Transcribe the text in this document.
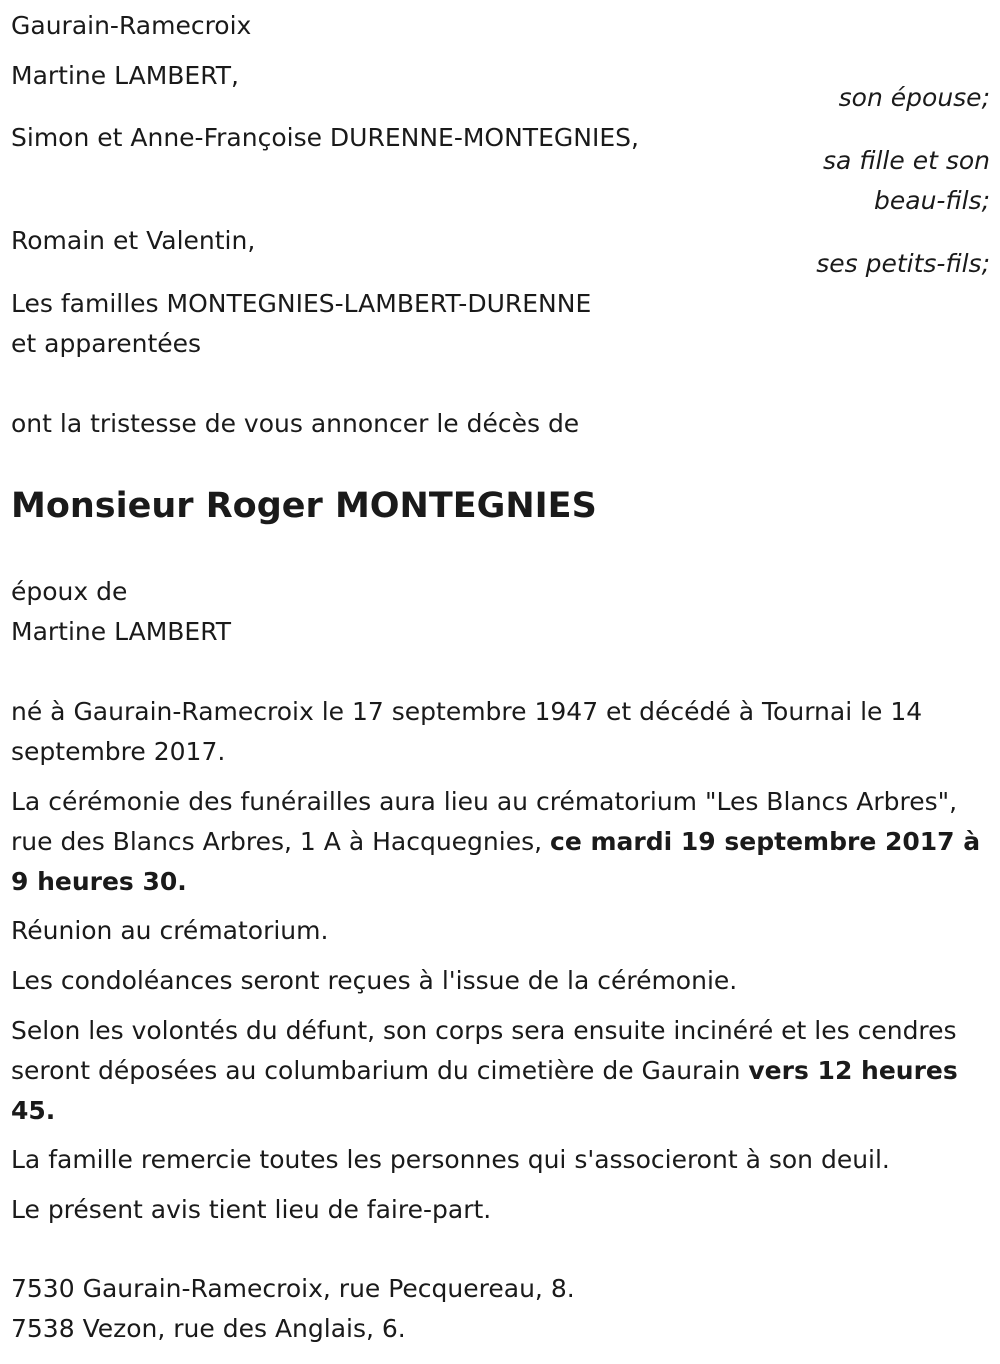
Gaurain-Ramecroix
Martine LAMBERT,
son épouse;
Simon et Anne-Françoise DURENNE-MONTEGNIES,
sa fille et son
beau-fils;
Romain et Valentin,
ses petits-fils;
Les familles MONTEGNIES-LAMBERT-DURENNE
et apparentées
ont la tristesse de vous annoncer le décès de
Monsieur Roger MONTEGNIES
époux de
Martine LAMBERT
né à Gaurain-Ramecroix le 17 septembre 1947 et décédé à Tournai le 14 septembre 2017.
La cérémonie des funérailles aura lieu au crématorium "Les Blancs Arbres", rue des Blancs Arbres, 1 A à Hacquegnies, ce mardi 19 septembre 2017 à 9 heures 30.
Réunion au crématorium.
Les condoléances seront reçues à l'issue de la cérémonie.
Selon les volontés du défunt, son corps sera ensuite incinéré et les cendres seront déposées au columbarium du cimetière de Gaurain vers 12 heures 45.
La famille remercie toutes les personnes qui s'associeront à son deuil.
Le présent avis tient lieu de faire-part.
7530 Gaurain-Ramecroix, rue Pecquereau, 8.
7538 Vezon, rue des Anglais, 6.
